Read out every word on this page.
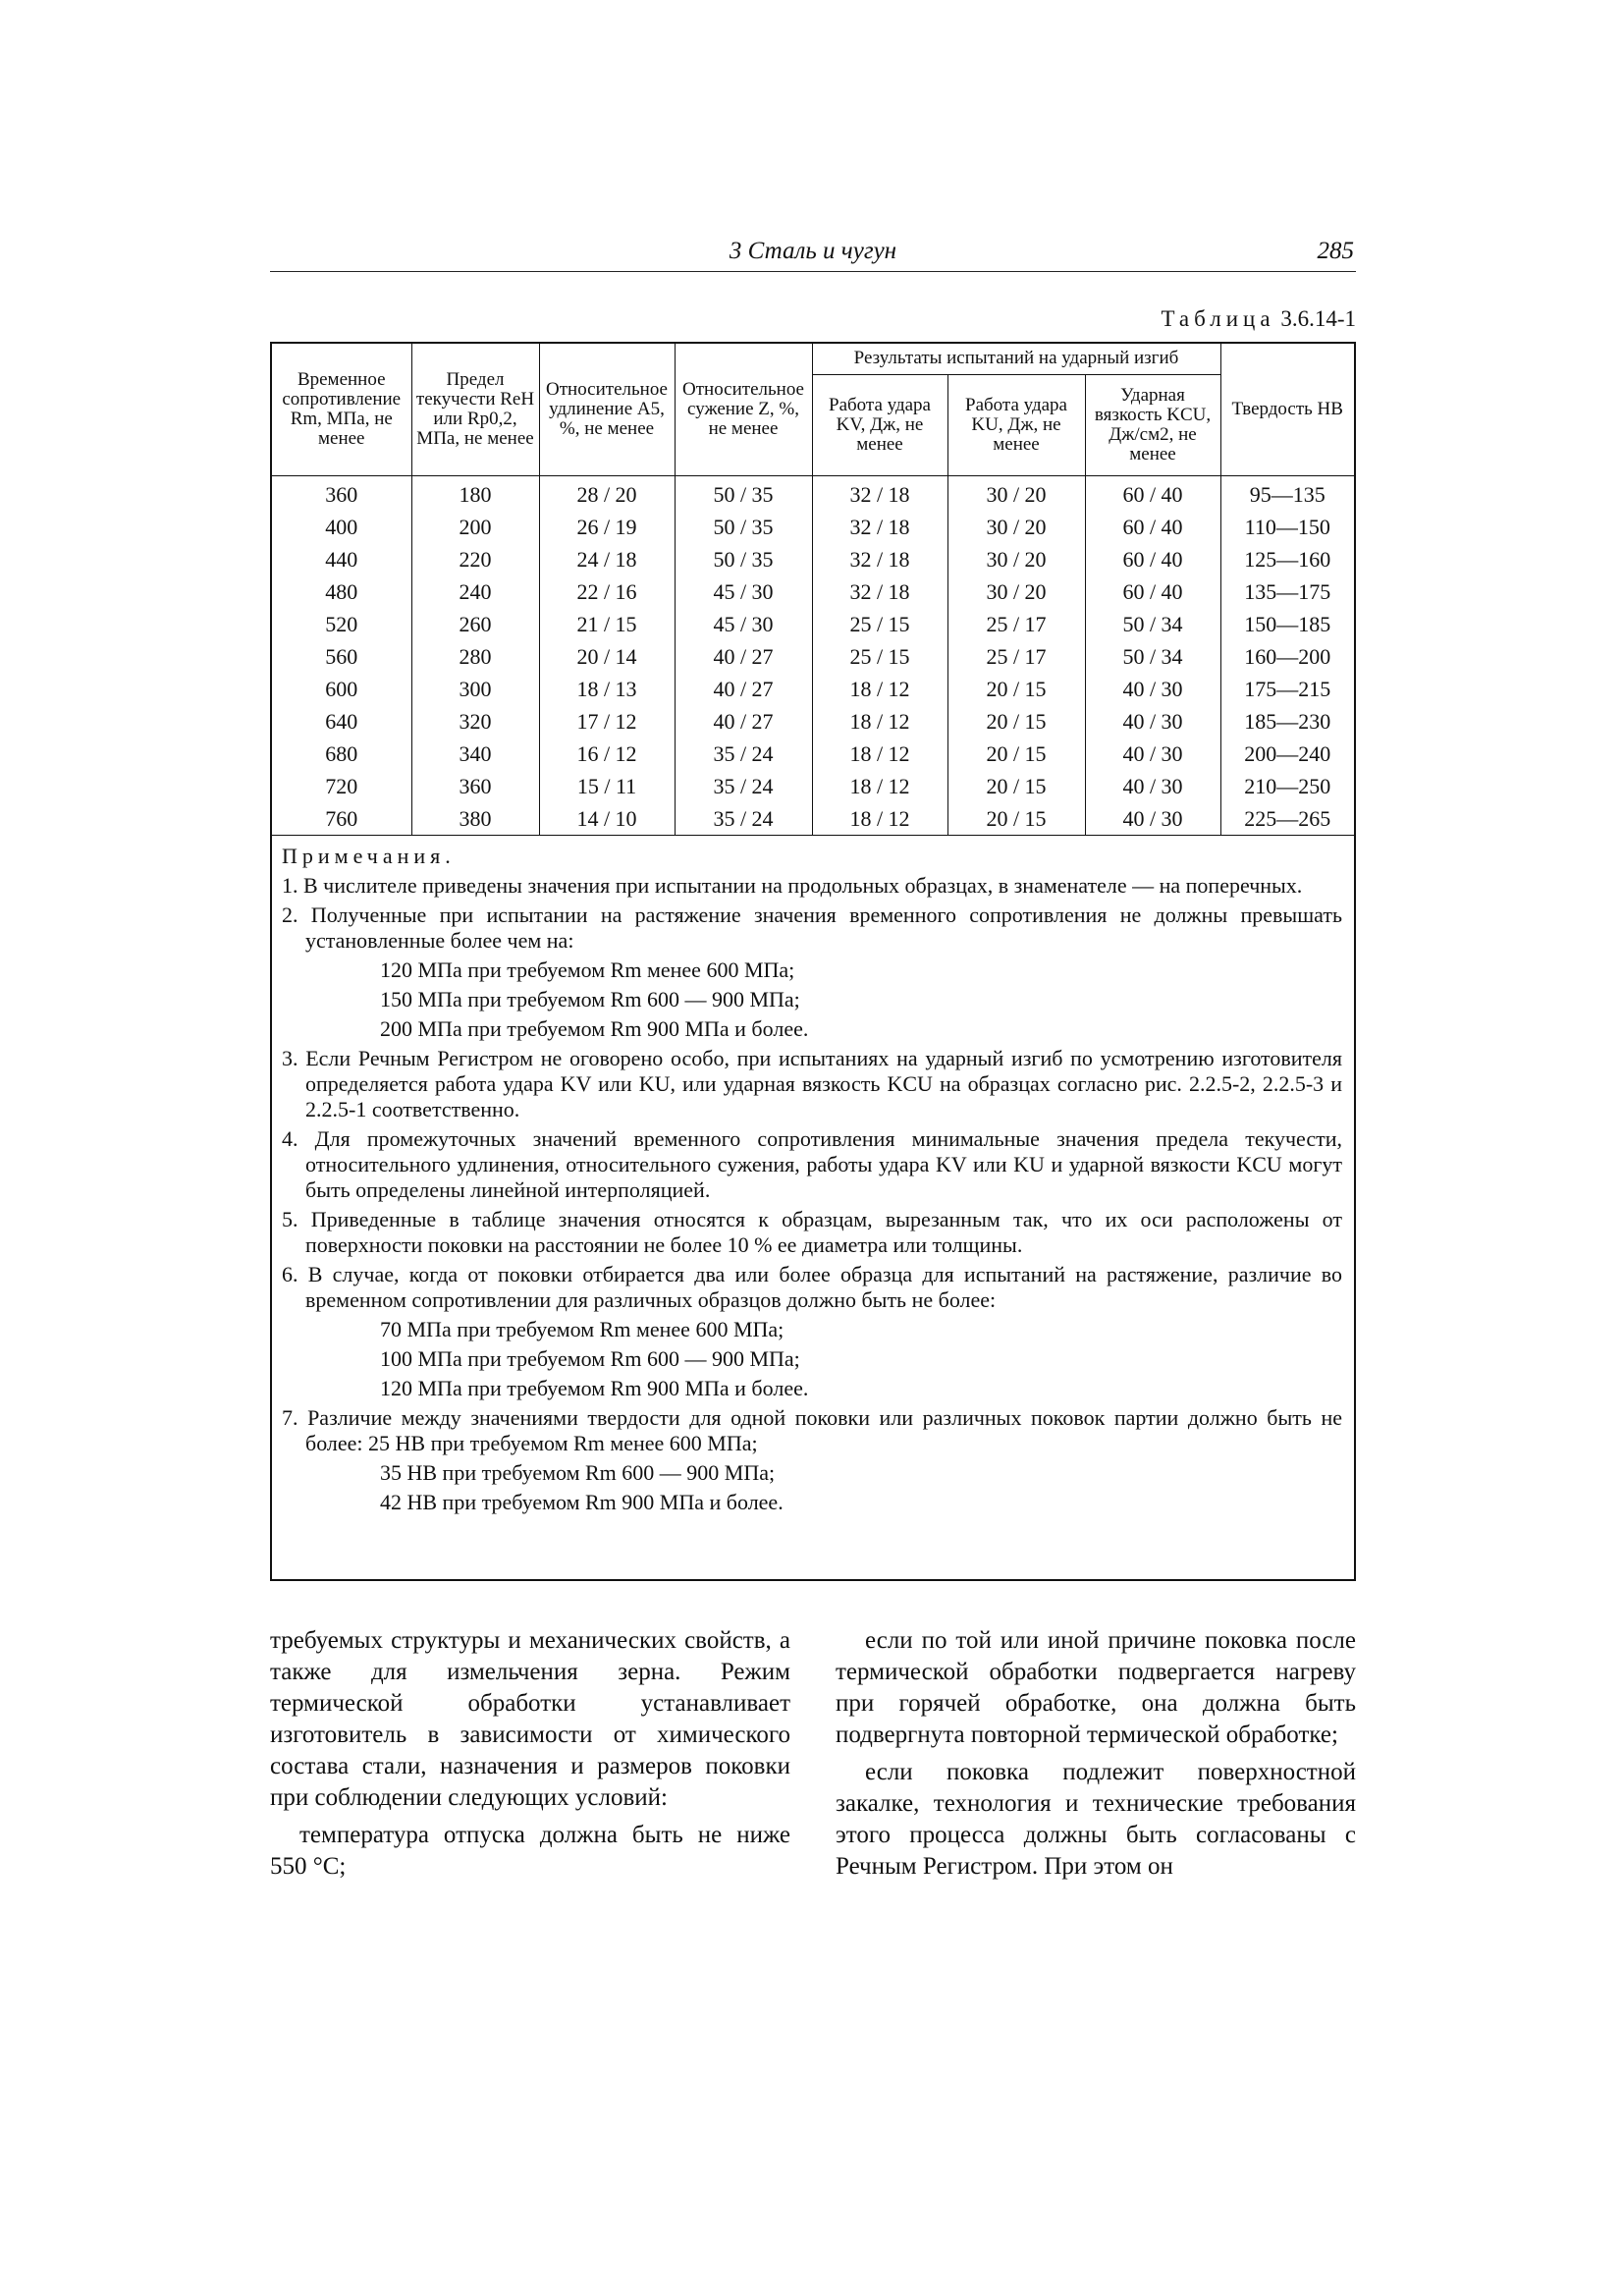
3 Сталь и чугун	285
Таблица 3.6.14-1
Временное сопротивление Rm, МПа, не менее	Предел текучести ReH или Rp0,2, МПа, не менее	Относительное удлинение A5, %, не менее	Относительное сужение Z, %, не менее	Результаты испытаний на ударный изгиб			Твердость НВ
				Работа удара KV, Дж, не менее	Работа удара KU, Дж, не менее	Ударная вязкость KCU, Дж/см2, не менее	
360	180	28 / 20	50 / 35	32 / 18	30 / 20	60 / 40	95—135
400	200	26 / 19	50 / 35	32 / 18	30 / 20	60 / 40	110—150
440	220	24 / 18	50 / 35	32 / 18	30 / 20	60 / 40	125—160
480	240	22 / 16	45 / 30	32 / 18	30 / 20	60 / 40	135—175
520	260	21 / 15	45 / 30	25 / 15	25 / 17	50 / 34	150—185
560	280	20 / 14	40 / 27	25 / 15	25 / 17	50 / 34	160—200
600	300	18 / 13	40 / 27	18 / 12	20 / 15	40 / 30	175—215
640	320	17 / 12	40 / 27	18 / 12	20 / 15	40 / 30	185—230
680	340	16 / 12	35 / 24	18 / 12	20 / 15	40 / 30	200—240
720	360	15 / 11	35 / 24	18 / 12	20 / 15	40 / 30	210—250
760	380	14 / 10	35 / 24	18 / 12	20 / 15	40 / 30	225—265
Примечания.
1. В числителе приведены значения при испытании на продольных образцах, в знаменателе — на поперечных.
2. Полученные при испытании на растяжение значения временного сопротивления не должны превышать установленные более чем на:
120 МПа при требуемом Rm менее 600 МПа;
150 МПа при требуемом Rm 600 — 900 МПа;
200 МПа при требуемом Rm 900 МПа и более.
3. Если Речным Регистром не оговорено особо, при испытаниях на ударный изгиб по усмотрению изготовителя определяется работа удара KV или KU, или ударная вязкость KCU на образцах согласно рис. 2.2.5-2, 2.2.5-3 и 2.2.5-1 соответственно.
4. Для промежуточных значений временного сопротивления минимальные значения предела текучести, относительного удлинения, относительного сужения, работы удара KV или KU и ударной вязкости KCU могут быть определены линейной интерполяцией.
5. Приведенные в таблице значения относятся к образцам, вырезанным так, что их оси расположены от поверхности поковки на расстоянии не более 10 % ее диаметра или толщины.
6. В случае, когда от поковки отбирается два или более образца для испытаний на растяжение, различие во временном сопротивлении для различных образцов должно быть не более:
70 МПа при требуемом Rm менее 600 МПа;
100 МПа при требуемом Rm 600 — 900 МПа;
120 МПа при требуемом Rm 900 МПа и более.
7. Различие между значениями твердости для одной поковки или различных поковок партии должно быть не более: 25 НВ при требуемом Rm менее 600 МПа;
35 НВ при требуемом Rm 600 — 900 МПа;
42 НВ при требуемом Rm 900 МПа и более.

требуемых структуры и механических свойств, а также для измельчения зерна. Режим термической обработки устанавливает изготовитель в зависимости от химического состава стали, назначения и размеров поковки при соблюдении следующих условий:

температура отпуска должна быть не ниже 550 °С;

если по той или иной причине поковка после термической обработки подвергается нагреву при горячей обработке, она должна быть подвергнута повторной термической обработке;

если поковка подлежит поверхностной закалке, технология и технические требования этого процесса должны быть согласованы с Речным Регистром. При этом он
